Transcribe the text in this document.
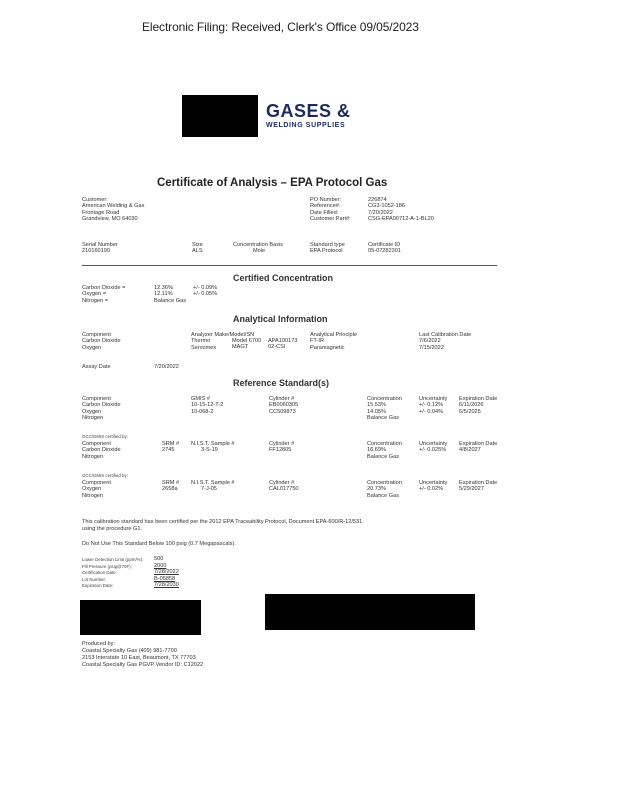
Electronic Filing: Received, Clerk's Office 09/05/2023
GASES &
WELDING SUPPLIES
Certificate of Analysis – EPA Protocol Gas
Customer:
American Welding & Gas
Frontage Road
Grandview, MO 64030
PO Number:
Reference#:
Date Filled:
Customer Part#:
226874
CG3-1052-186
7/20/2022
CSG-EPA00712-A-1-BL20
Serial Number
210160190
Size
ALS
Concentration Basis
Mole
Standard type
EPA Protocol
Certificate ID
05-07282301
Certified Concentration
Carbon Dioxide =
Oxygen =
Nitrogen =
12.36%
12.11%
Balance Gas
+/- 0.09%
+/- 0.05%
Analytical Information
Component
Carbon Dioxide
Oxygen
Analyzer Make/Model/SN
Thermo
Servomex
Model 6700
MAGT
APA100173
02-CSI
Analytical Principle
FT-IR
Paramagnetic
Last Calibration Date
7/6/2022
7/15/2022
Assay Date	7/20/2022
Reference Standard(s)
Component
Carbon Dioxide
Oxygen
Nitrogen
GMIS #
10-15-12-T-2
10-068-2
Cylinder #
EB0060305
CC509873
Concentration
15.53%
14.05%
Balance Gas
Uncertainty
+/- 0.12%
+/- 0.04%
Expiration Date
6/11/2026
6/5/2025
GCC/GMIS certified by:
Component
Carbon Dioxide
Nitrogen
SRM #
2745
N.I.S.T. Sample #
3-S-19
Cylinder #
FF12805
Concentration
16.69%
Balance Gas
Uncertainty
+/- 0.025%
Expiration Date
4/8/2027
GCC/GMIS certified by:
Component
Oxygen
Nitrogen
SRM #
2658a
N.I.S.T. Sample #
7-J-05
Cylinder #
CAL017750
Concentration
20.73%
Balance Gas
Uncertainty
+/- 0.02%
Expiration Date
5/29/2027
This calibration standard has been certified per the 2012 EPA Traceability Protocol, Document EPA-600/R-12/531
using the procedure G1.
Do Not Use This Standard Below 100 psig (0.7 Megapascals).
Lower Detection Limit (ppm/%):
Fill Pressure (psig@70F):
Certification Date:
Lot Number:
Expiration Date:
500
2000
7/28/2022
B-05858
7/28/2030
Produced by:
Coastal Specialty Gas (409) 981-7700
2153 Interstate 10 East, Beaumont, TX 77703
Coastal Specialty Gas PGVP Vendor ID: C12022
